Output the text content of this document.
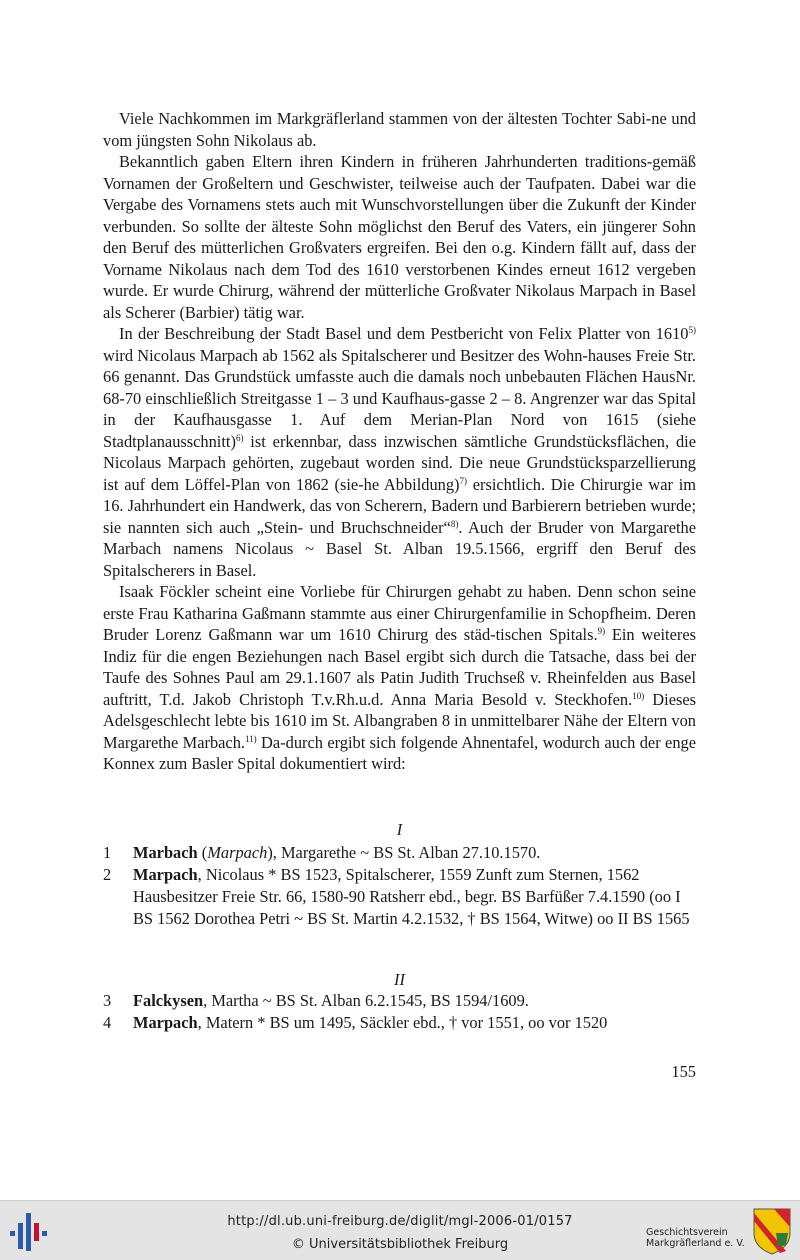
Viele Nachkommen im Markgräflerland stammen von der ältesten Tochter Sabi-ne und vom jüngsten Sohn Nikolaus ab.

Bekanntlich gaben Eltern ihren Kindern in früheren Jahrhunderten traditions-gemäß Vornamen der Großeltern und Geschwister, teilweise auch der Taufpaten. Dabei war die Vergabe des Vornamens stets auch mit Wunschvorstellungen über die Zukunft der Kinder verbunden. So sollte der älteste Sohn möglichst den Beruf des Vaters, ein jüngerer Sohn den Beruf des mütterlichen Großvaters ergreifen. Bei den o.g. Kindern fällt auf, dass der Vorname Nikolaus nach dem Tod des 1610 verstorbenen Kindes erneut 1612 vergeben wurde. Er wurde Chirurg, während der mütterliche Großvater Nikolaus Marpach in Basel als Scherer (Barbier) tätig war.

In der Beschreibung der Stadt Basel und dem Pestbericht von Felix Platter von 1610$^{5)}$ wird Nicolaus Marpach ab 1562 als Spitalscherer und Besitzer des Wohn-hauses Freie Str. 66 genannt. Das Grundstück umfasste auch die damals noch unbebauten Flächen HausNr. 68-70 einschließlich Streitgasse 1 – 3 und Kaufhaus-gasse 2 – 8. Angrenzer war das Spital in der Kaufhausgasse 1. Auf dem Merian-Plan Nord von 1615 (siehe Stadtplanausschnitt)$^{6)}$ ist erkennbar, dass inzwischen sämtliche Grundstücksflächen, die Nicolaus Marpach gehörten, zugebaut worden sind. Die neue Grundstücksparzellierung ist auf dem Löffel-Plan von 1862 (sie-he Abbildung)$^{7)}$ ersichtlich. Die Chirurgie war im 16. Jahrhundert ein Handwerk, das von Scherern, Badern und Barbierern betrieben wurde; sie nannten sich auch „Stein- und Bruchschneider“$^{8)}$. Auch der Bruder von Margarethe Marbach namens Nicolaus ~ Basel St. Alban 19.5.1566, ergriff den Beruf des Spitalscherers in Basel.

Isaak Föckler scheint eine Vorliebe für Chirurgen gehabt zu haben. Denn schon seine erste Frau Katharina Gaßmann stammte aus einer Chirurgenfamilie in Schopfheim. Deren Bruder Lorenz Gaßmann war um 1610 Chirurg des städ-tischen Spitals.$^{9)}$ Ein weiteres Indiz für die engen Beziehungen nach Basel ergibt sich durch die Tatsache, dass bei der Taufe des Sohnes Paul am 29.1.1607 als Patin Judith Truchseß v. Rheinfelden aus Basel auftritt, T.d. Jakob Christoph T.v.Rh.u.d. Anna Maria Besold v. Steckhofen.$^{10)}$ Dieses Adelsgeschlecht lebte bis 1610 im St. Albangraben 8 in unmittelbarer Nähe der Eltern von Margarethe Marbach.$^{11)}$ Da-durch ergibt sich folgende Ahnentafel, wodurch auch der enge Konnex zum Basler Spital dokumentiert wird:

I
1	Marbach (Marpach), Margarethe ~ BS St. Alban 27.10.1570.
2	Marpach, Nicolaus * BS 1523, Spitalscherer, 1559 Zunft zum Sternen, 1562 Hausbesitzer Freie Str. 66, 1580-90 Ratsherr ebd., begr. BS Barfüßer 7.4.1590 (oo I BS 1562 Dorothea Petri ~ BS St. Martin 4.2.1532, † BS 1564, Witwe) oo II BS 1565
II
3	Falckysen, Martha ~ BS St. Alban 6.2.1545, BS 1594/1609.
4	Marpach, Matern * BS um 1495, Säckler ebd., † vor 1551, oo vor 1520
155
http://dl.ub.uni-freiburg.de/diglit/mgl-2006-01/0157
© Universitätsbibliothek Freiburg
Geschichtsverein
Markgräflerland e. V.
